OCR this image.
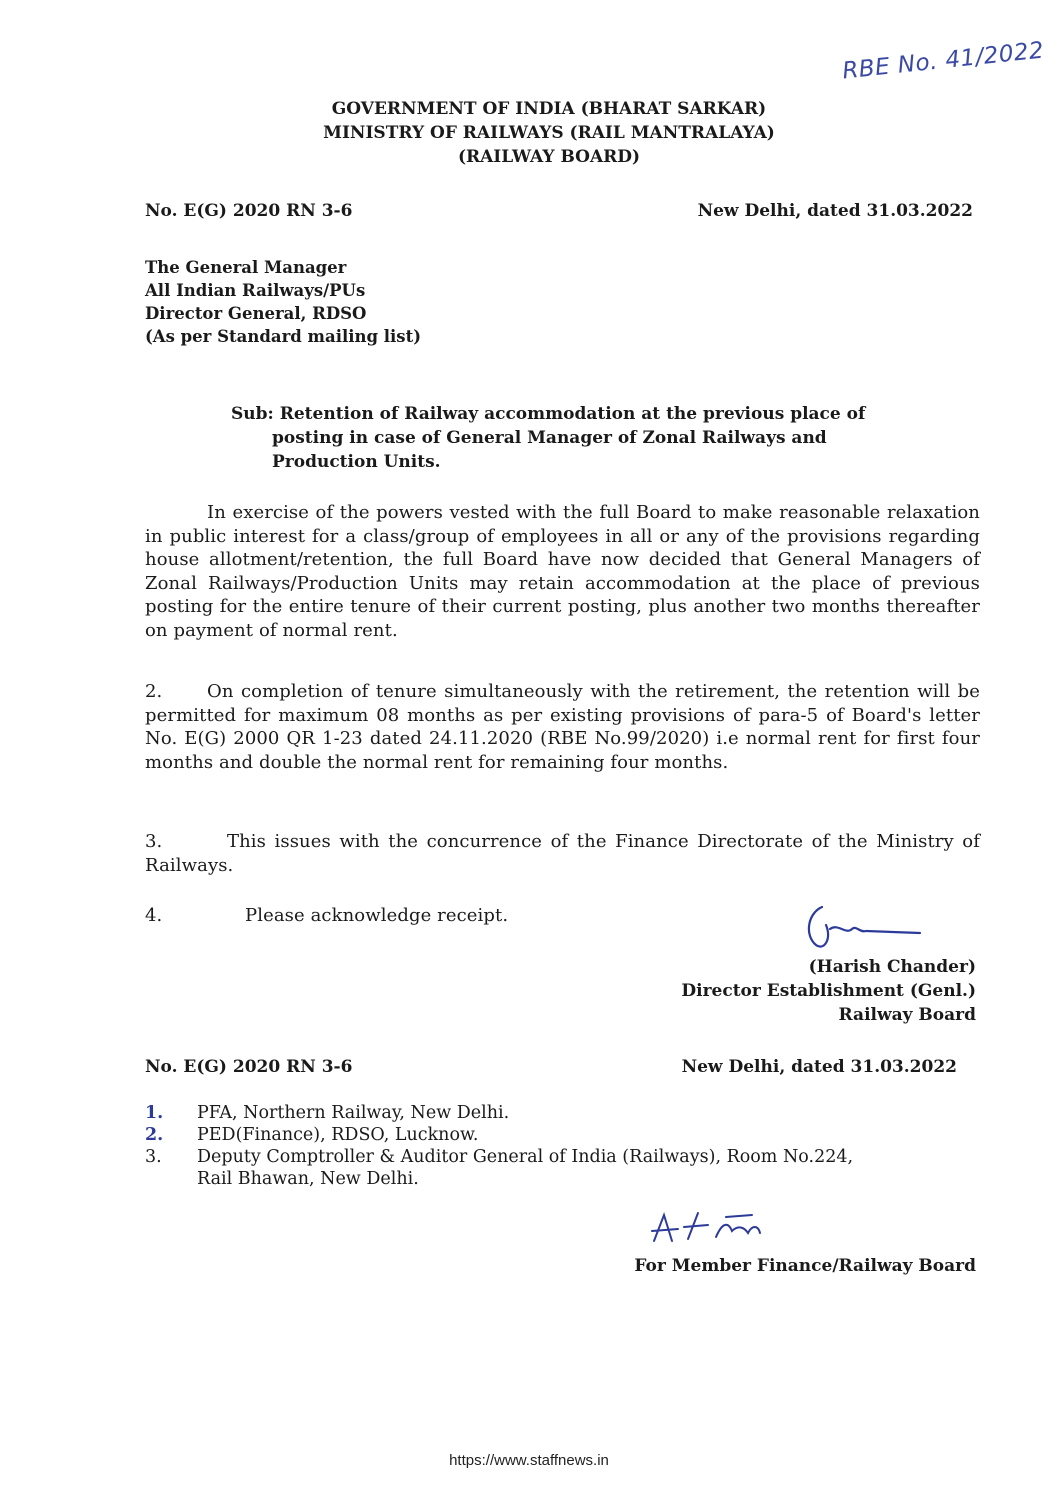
RBE No. 41/2022
GOVERNMENT OF INDIA (BHARAT SARKAR)
MINISTRY OF RAILWAYS (RAIL MANTRALAYA)
(RAILWAY BOARD)
No. E(G) 2020 RN 3-6	New Delhi, dated 31.03.2022
The General Manager
All Indian Railways/PUs
Director General, RDSO
(As per Standard mailing list)
Sub: Retention of Railway accommodation at the previous place of
posting in case of General Manager of Zonal Railways and
Production Units.
In exercise of the powers vested with the full Board to make reasonable relaxation in public interest for a class/group of employees in all or any of the provisions regarding house allotment/retention, the full Board have now decided that General Managers of Zonal Railways/Production Units may retain accommodation at the place of previous posting for the entire tenure of their current posting, plus another two months thereafter on payment of normal rent.
2. On completion of tenure simultaneously with the retirement, the retention will be permitted for maximum 08 months as per existing provisions of para-5 of Board's letter No. E(G) 2000 QR 1-23 dated 24.11.2020 (RBE No.99/2020) i.e normal rent for first four months and double the normal rent for remaining four months.
3.	This issues with the concurrence of the Finance Directorate of the Ministry of Railways.
4.	Please acknowledge receipt.
(Harish Chander)
Director Establishment (Genl.)
Railway Board
No. E(G) 2020 RN 3-6	New Delhi, dated 31.03.2022
1.	PFA, Northern Railway, New Delhi.
2.	PED(Finance), RDSO, Lucknow.
3.	Deputy Comptroller & Auditor General of India (Railways), Room No.224,
Rail Bhawan, New Delhi.
For Member Finance/Railway Board
https://www.staffnews.in
